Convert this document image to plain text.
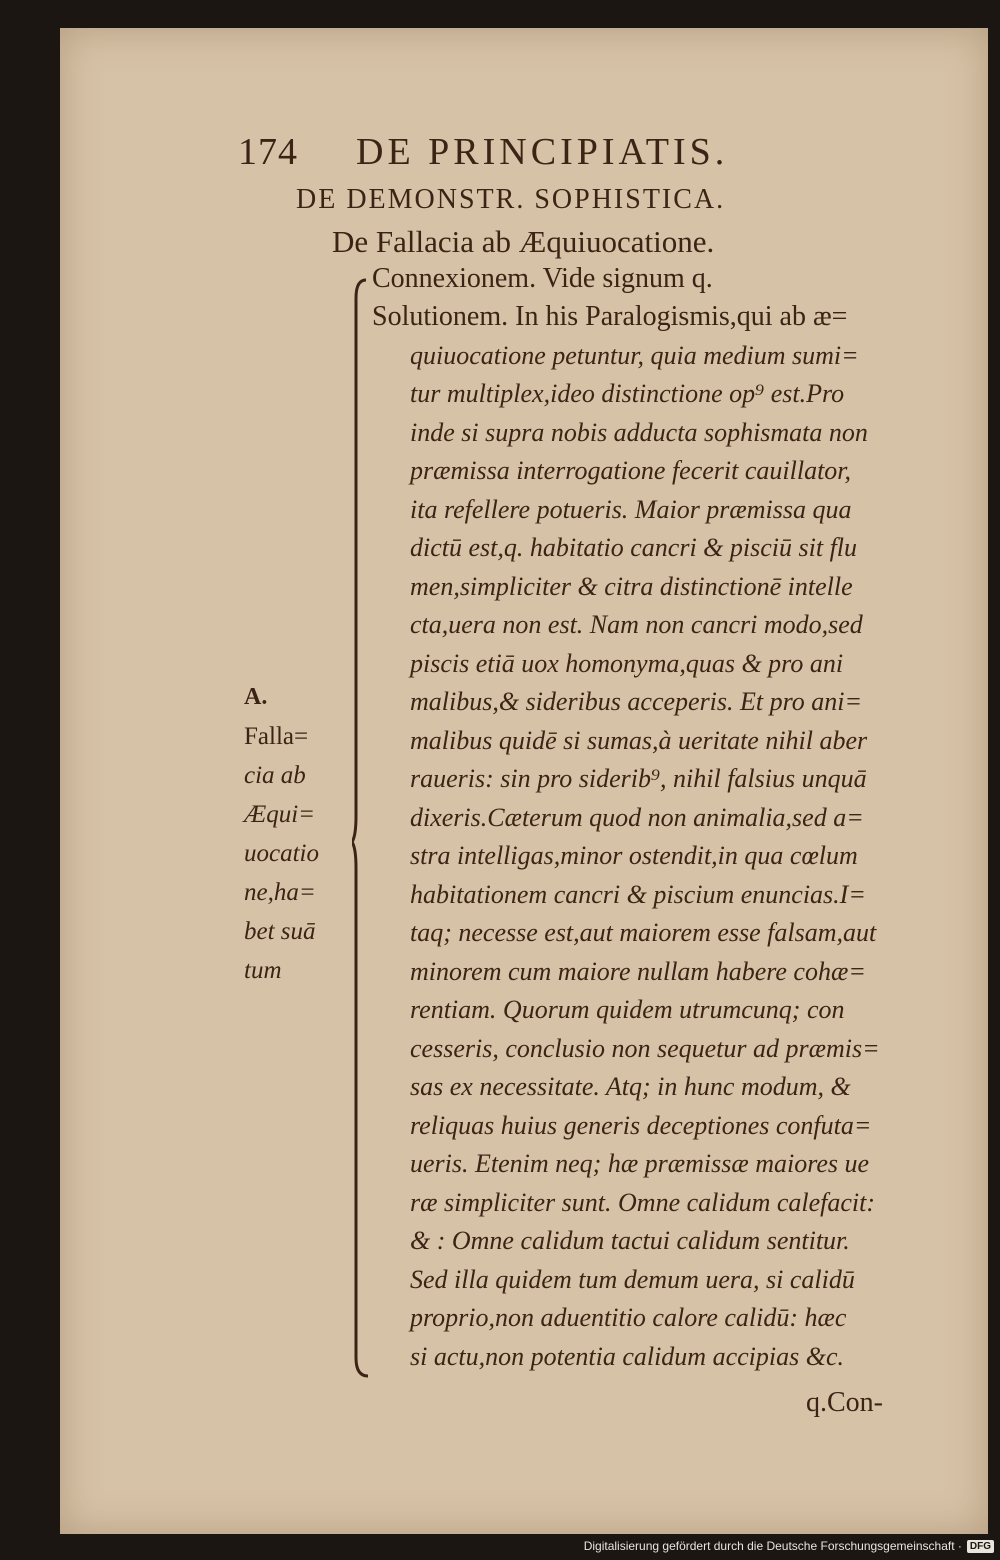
174 DE PRINCIPIATIS.
DE DEMONSTR. SOPHISTICA.
De Fallacia ab Æquiuocatione.
A.
Falla=
cia ab
Æqui=
uocatio
ne,ha=
bet suā
tum
Connexionem. Vide signum q.
Solutionem. In his Paralogismis,qui ab æ=
quiuocatione petuntur, quia medium sumi=
tur multiplex,ideo distinctione op⁹ est.Pro
inde si supra nobis adducta sophismata non
præmissa interrogatione fecerit cauillator,
ita refellere potueris. Maior præmissa qua
dictū est,q. habitatio cancri & pisciū sit flu
men,simpliciter & citra distinctionē intelle
cta,uera non est. Nam non cancri modo,sed
piscis etiā uox homonyma,quas & pro ani
malibus,& sideribus acceperis. Et pro ani=
malibus quidē si sumas,à ueritate nihil aber
raueris: sin pro siderib⁹, nihil falsius unquā
dixeris.Cæterum quod non animalia,sed a=
stra intelligas,minor ostendit,in qua cœlum
habitationem cancri & piscium enuncias.I=
taq; necesse est,aut maiorem esse falsam,aut
minorem cum maiore nullam habere cohæ=
rentiam. Quorum quidem utrumcunq; con
cesseris, conclusio non sequetur ad præmis=
sas ex necessitate. Atq; in hunc modum, &
reliquas huius generis deceptiones confuta=
ueris. Etenim neq; hæ præmissæ maiores ue
ræ simpliciter sunt. Omne calidum calefacit:
& : Omne calidum tactui calidum sentitur.
Sed illa quidem tum demum uera, si calidū
proprio,non aduentitio calore calidū: hæc
si actu,non potentia calidum accipias &c.
q.Con-
Digitalisierung gefördert durch die Deutsche Forschungsgemeinschaft · DFG
